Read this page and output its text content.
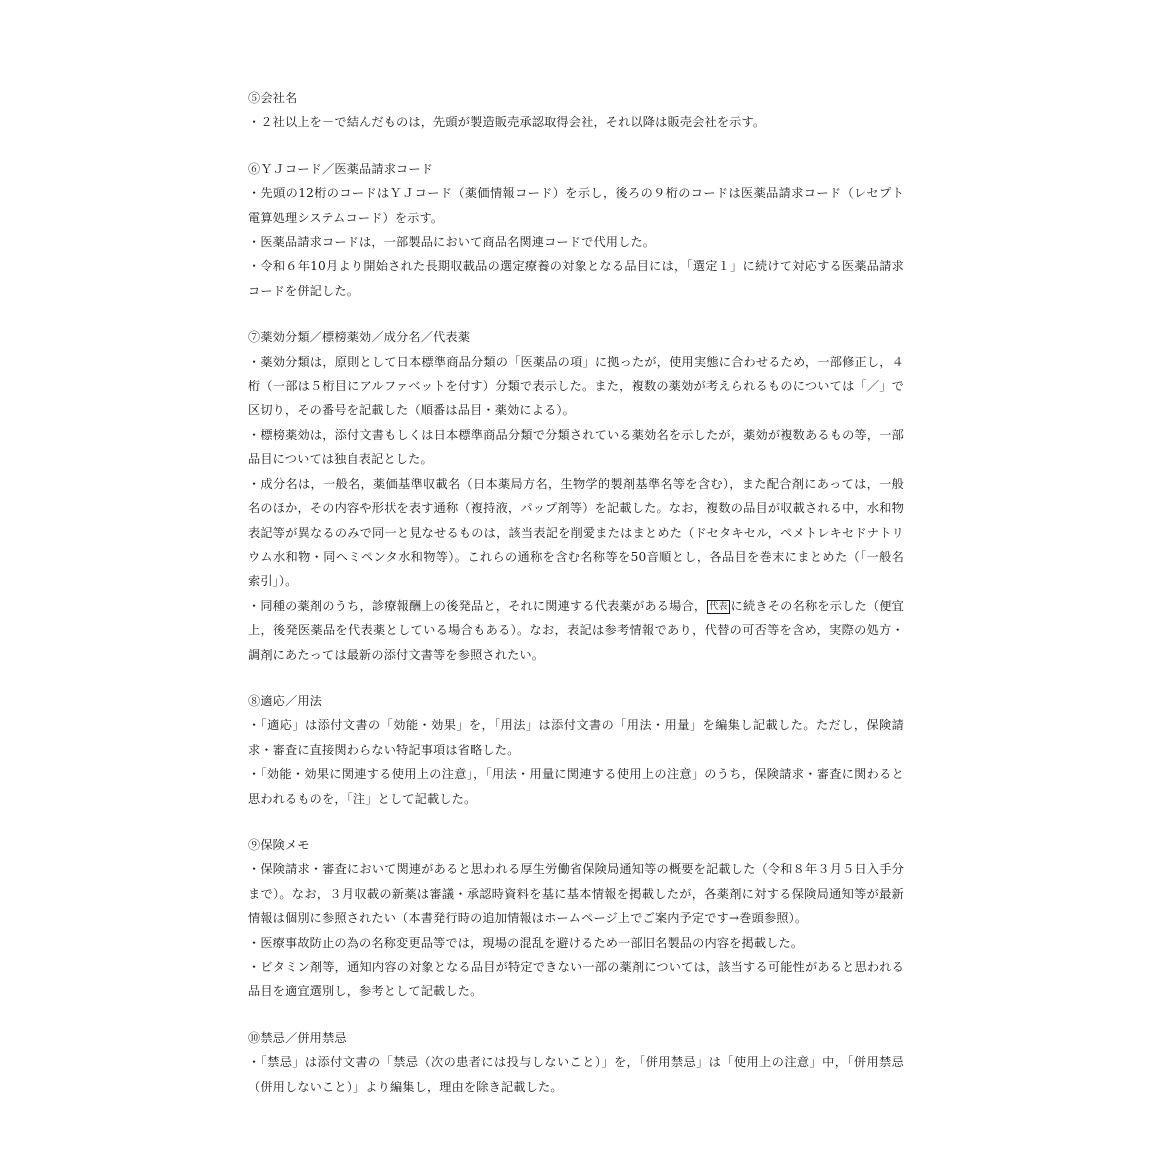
⑤会社名
・２社以上を－で結んだものは，先頭が製造販売承認取得会社，それ以降は販売会社を示す。
⑥ＹＪコード／医薬品請求コード
・先頭の12桁のコードはＹＪコード（薬価情報コード）を示し，後ろの９桁のコードは医薬品請求コード（レセプト電算処理システムコード）を示す。
・医薬品請求コードは，一部製品において商品名関連コードで代用した。
・令和６年10月より開始された長期収載品の選定療養の対象となる品目には，「選定１」に続けて対応する医薬品請求コードを併記した。
⑦薬効分類／標榜薬効／成分名／代表薬
・薬効分類は，原則として日本標準商品分類の「医薬品の項」に拠ったが，使用実態に合わせるため，一部修正し，４桁（一部は５桁目にアルファベットを付す）分類で表示した。また，複数の薬効が考えられるものについては「／」で区切り，その番号を記載した（順番は品目・薬効による）。
・標榜薬効は，添付文書もしくは日本標準商品分類で分類されている薬効名を示したが，薬効が複数あるもの等，一部品目については独自表記とした。
・成分名は，一般名，薬価基準収載名（日本薬局方名，生物学的製剤基準名等を含む），また配合剤にあっては，一般名のほか，その内容や形状を表す通称（複持液，パップ剤等）を記載した。なお，複数の品目が収載される中，水和物表記等が異なるのみで同一と見なせるものは，該当表記を削愛またはまとめた（ドセタキセル，ペメトレキセドナトリウム水和物・同ヘミペンタ水和物等）。これらの通称を含む名称等を50音順とし，各品目を巻末にまとめた（「一般名索引」）。
・同種の薬剤のうち，診療報酬上の後発品と，それに関連する代表薬がある場合， 代表 に続きその名称を示した（便宜上，後発医薬品を代表薬としている場合もある）。なお，表記は参考情報であり，代替の可否等を含め，実際の処方・調剤にあたっては最新の添付文書等を参照されたい。
⑧適応／用法
・「適応」は添付文書の「効能・効果」を，「用法」は添付文書の「用法・用量」を編集し記載した。ただし，保険請求・審査に直接関わらない特記事項は省略した。
・「効能・効果に関連する使用上の注意」，「用法・用量に関連する使用上の注意」のうち，保険請求・審査に関わると思われるものを，「注」として記載した。
⑨保険メモ
・保険請求・審査において関連があると思われる厚生労働省保険局通知等の概要を記載した（令和８年３月５日入手分まで）。なお，３月収載の新薬は審議・承認時資料を基に基本情報を掲載したが，各薬剤に対する保険局通知等が最新情報は個別に参照されたい（本書発行時の追加情報はホームページ上でご案内予定です→巻頭参照）。
・医療事故防止の為の名称変更品等では，現場の混乱を避けるため一部旧名製品の内容を掲載した。
・ビタミン剤等，通知内容の対象となる品目が特定できない一部の薬剤については，該当する可能性があると思われる品目を適宜選別し，参考として記載した。
⑩禁忌／併用禁忌
・「禁忌」は添付文書の「禁忌（次の患者には投与しないこと）」を，「併用禁忌」は「使用上の注意」中，「併用禁忌（併用しないこと）」より編集し，理由を除き記載した。
